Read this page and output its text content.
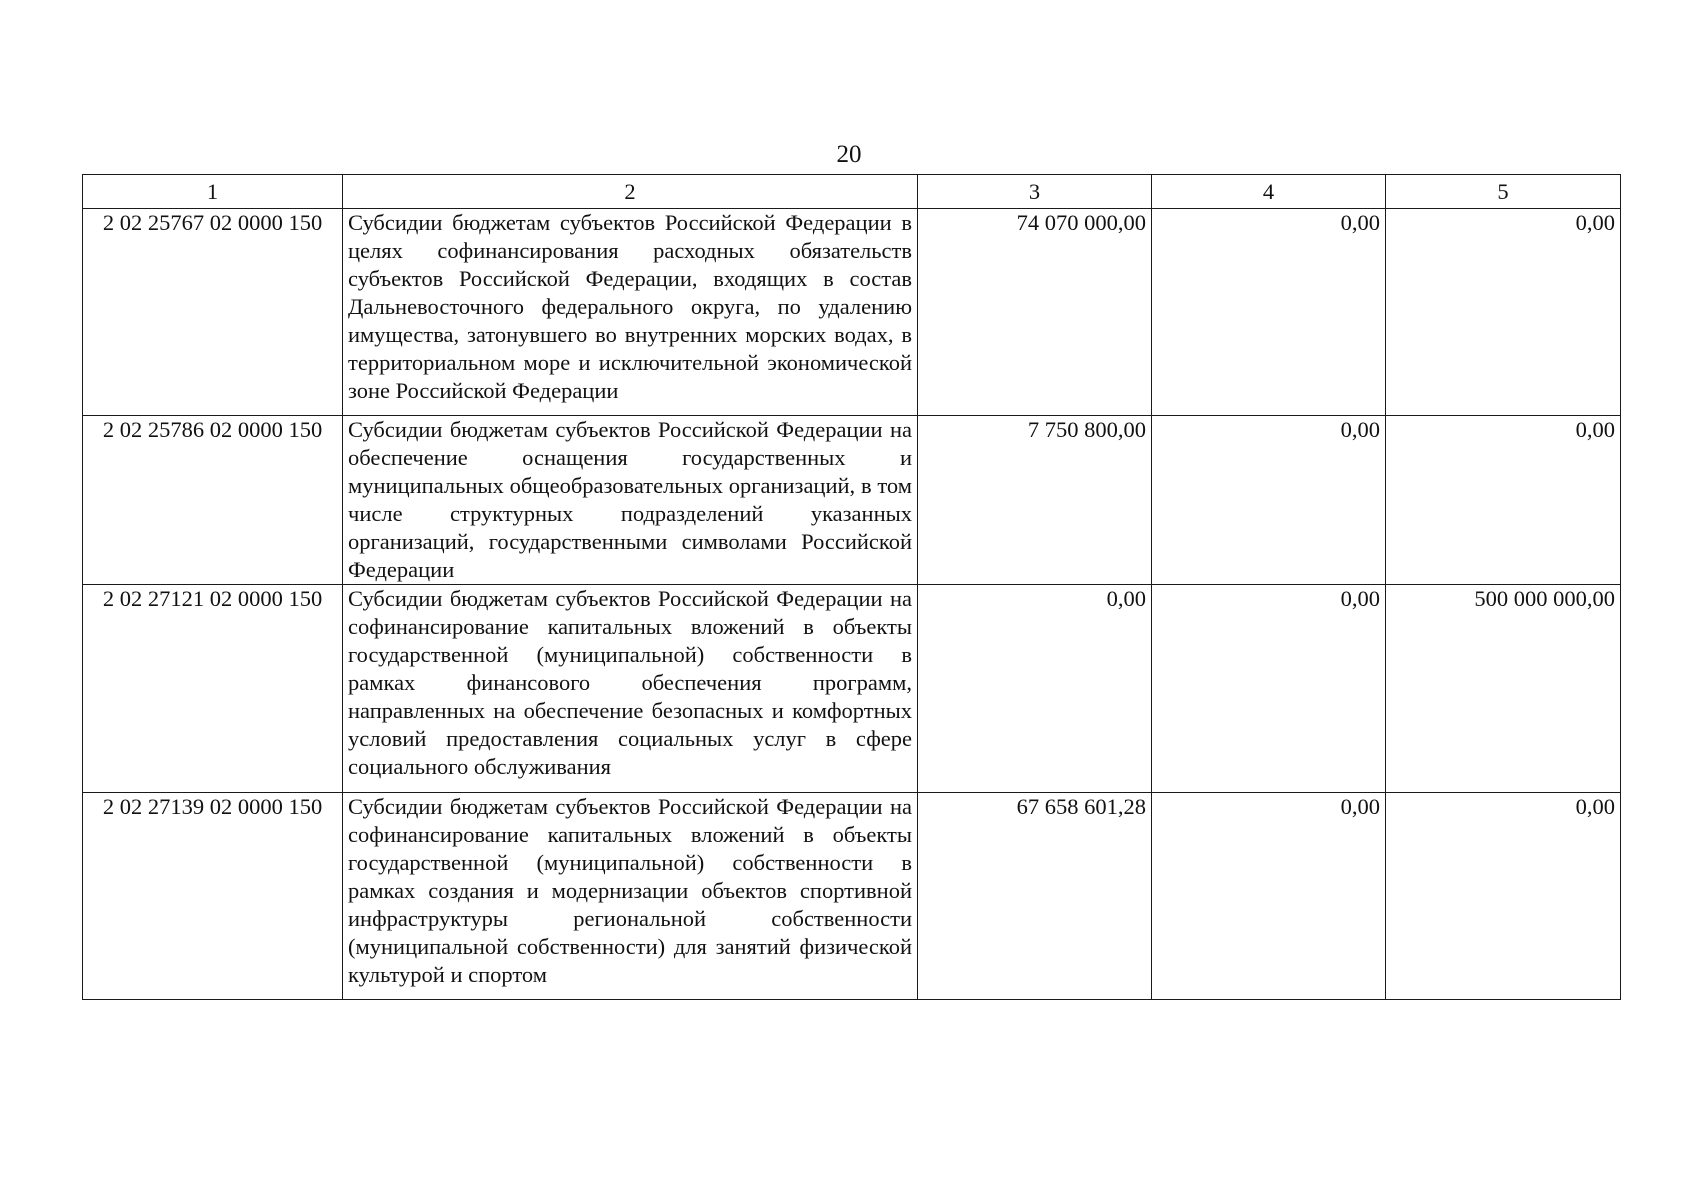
20
1	2	3	4	5
2 02 25767 02 0000 150	Субсидии бюджетам субъектов Российской Федерации в целях софинансирования расходных обязательств субъектов Российской Федерации, входящих в состав Дальневосточного федерального округа, по удалению имущества, затонувшего во внутренних морских водах, в территориальном море и исключительной экономической зоне Российской Федерации	74 070 000,00	0,00	0,00
2 02 25786 02 0000 150	Субсидии бюджетам субъектов Российской Федерации на обеспечение оснащения государственных и муниципальных общеобразовательных организаций, в том числе структурных подразделений указанных организаций, государственными символами Российской Федерации	7 750 800,00	0,00	0,00
2 02 27121 02 0000 150	Субсидии бюджетам субъектов Российской Федерации на софинансирование капитальных вложений в объекты государственной (муниципальной) собственности в рамках финансового обеспечения программ, направленных на обеспечение безопасных и комфортных условий предоставления социальных услуг в сфере социального обслуживания	0,00	0,00	500 000 000,00
2 02 27139 02 0000 150	Субсидии бюджетам субъектов Российской Федерации на софинансирование капитальных вложений в объекты государственной (муниципальной) собственности в рамках создания и модернизации объектов спортивной инфраструктуры региональной собственности (муниципальной собственности) для занятий физической культурой и спортом	67 658 601,28	0,00	0,00
